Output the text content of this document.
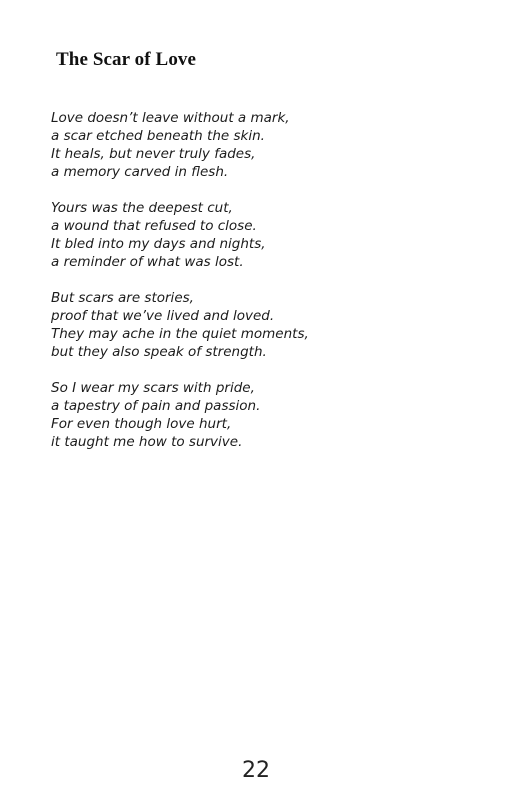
The Scar of Love
Love doesn’t leave without a mark,
a scar etched beneath the skin.
It heals, but never truly fades,
a memory carved in flesh.
Yours was the deepest cut,
a wound that refused to close.
It bled into my days and nights,
a reminder of what was lost.
But scars are stories,
proof that we’ve lived and loved.
They may ache in the quiet moments,
but they also speak of strength.
So I wear my scars with pride,
a tapestry of pain and passion.
For even though love hurt,
it taught me how to survive.
22
